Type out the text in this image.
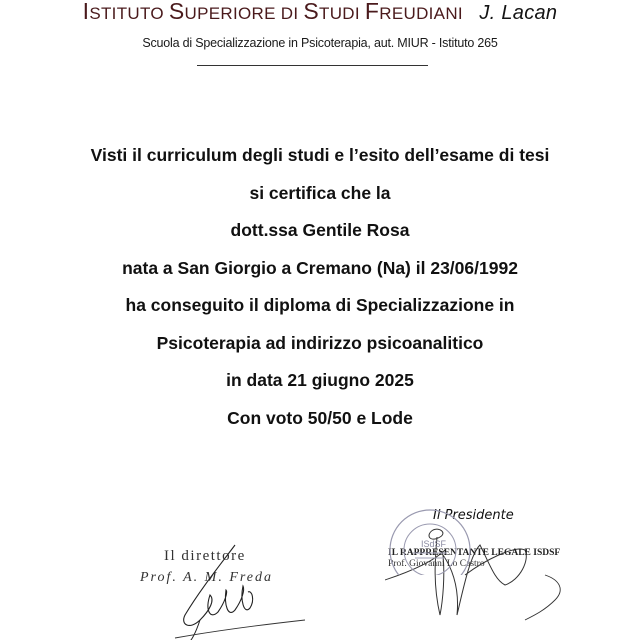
ISTITUTO SUPERIORE DI STUDI FREUDIANI J. Lacan
Scuola di Specializzazione in Psicoterapia, aut. MIUR - Istituto 265
Visti il curriculum degli studi e l’esito dell’esame di tesi
si certifica che la
dott.ssa Gentile Rosa
nata a San Giorgio a Cremano (Na) il 23/06/1992
ha conseguito il diploma di Specializzazione in
Psicoterapia ad indirizzo psicoanalitico
in data 21 giugno 2025
Con voto 50/50 e Lode
Il direttore
Prof. A. M. Freda
Il Presidente
IL RAPPRESENTANTE LEGALE ISDSF
Prof. Giovanni Lo Castro
ISdSF
